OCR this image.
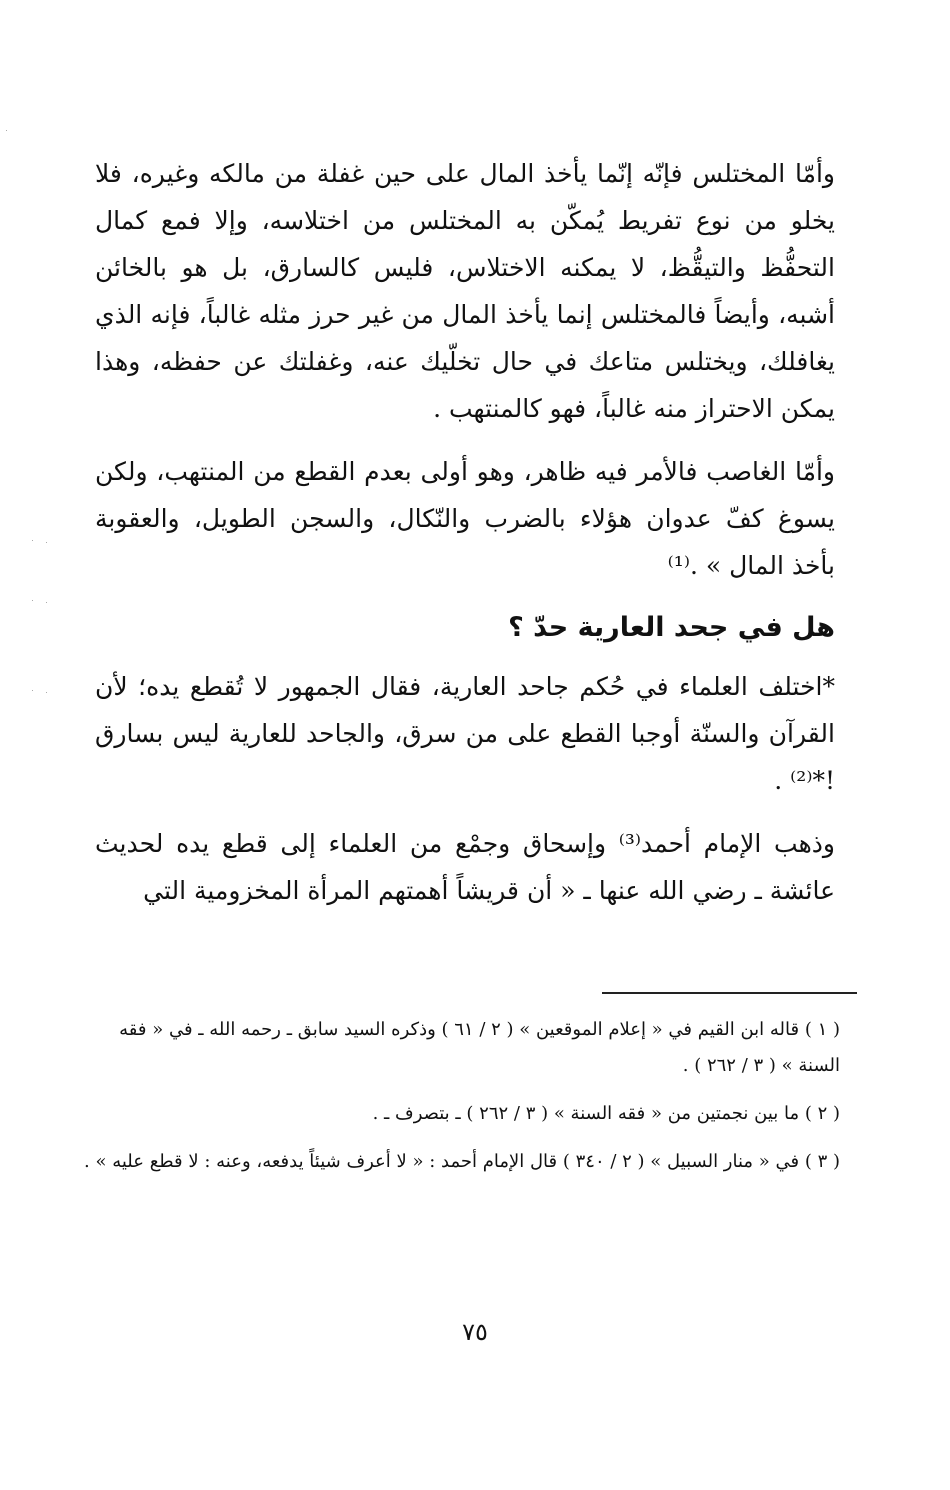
وأمّا المختلس فإنّه إنّما يأخذ المال على حين غفلة من مالكه وغيره، فلا يخلو من نوع تفريط يُمكّن به المختلس من اختلاسه، وإلا فمع كمال التحفُّظ والتيقُّظ، لا يمكنه الاختلاس، فليس كالسارق، بل هو بالخائن أشبه، وأيضاً فالمختلس إنما يأخذ المال من غير حرز مثله غالباً، فإنه الذي يغافلك، ويختلس متاعك في حال تخلّيك عنه، وغفلتك عن حفظه، وهذا يمكن الاحتراز منه غالباً، فهو كالمنتهب .

وأمّا الغاصب فالأمر فيه ظاهر، وهو أولى بعدم القطع من المنتهب، ولكن يسوغ كفّ عدوان هؤلاء بالضرب والنّكال، والسجن الطويل، والعقوبة بأخذ المال » .⁽¹⁾

هل في جحد العارية حدّ ؟

*اختلف العلماء في حُكم جاحد العارية، فقال الجمهور لا تُقطع يده؛ لأن القرآن والسنّة أوجبا القطع على من سرق، والجاحد للعارية ليس بسارق !*⁽²⁾ .

وذهب الإمام أحمد⁽³⁾ وإسحاق وجمْع من العلماء إلى قطع يده لحديث عائشة ـ رضي الله عنها ـ « أن قريشاً أهمتهم المرأة المخزومية التي

( ١ ) قاله ابن القيم في « إعلام الموقعين » ( ٢ / ٦١ ) وذكره السيد سابق ـ رحمه الله ـ في « فقه السنة » ( ٣ / ٢٦٢ ) .

( ٢ ) ما بين نجمتين من « فقه السنة » ( ٣ / ٢٦٢ ) ـ بتصرف ـ .

( ٣ ) في « منار السبيل » ( ٢ / ٣٤٠ ) قال الإمام أحمد : « لا أعرف شيئاً يدفعه، وعنه : لا قطع عليه » .

٧٥
